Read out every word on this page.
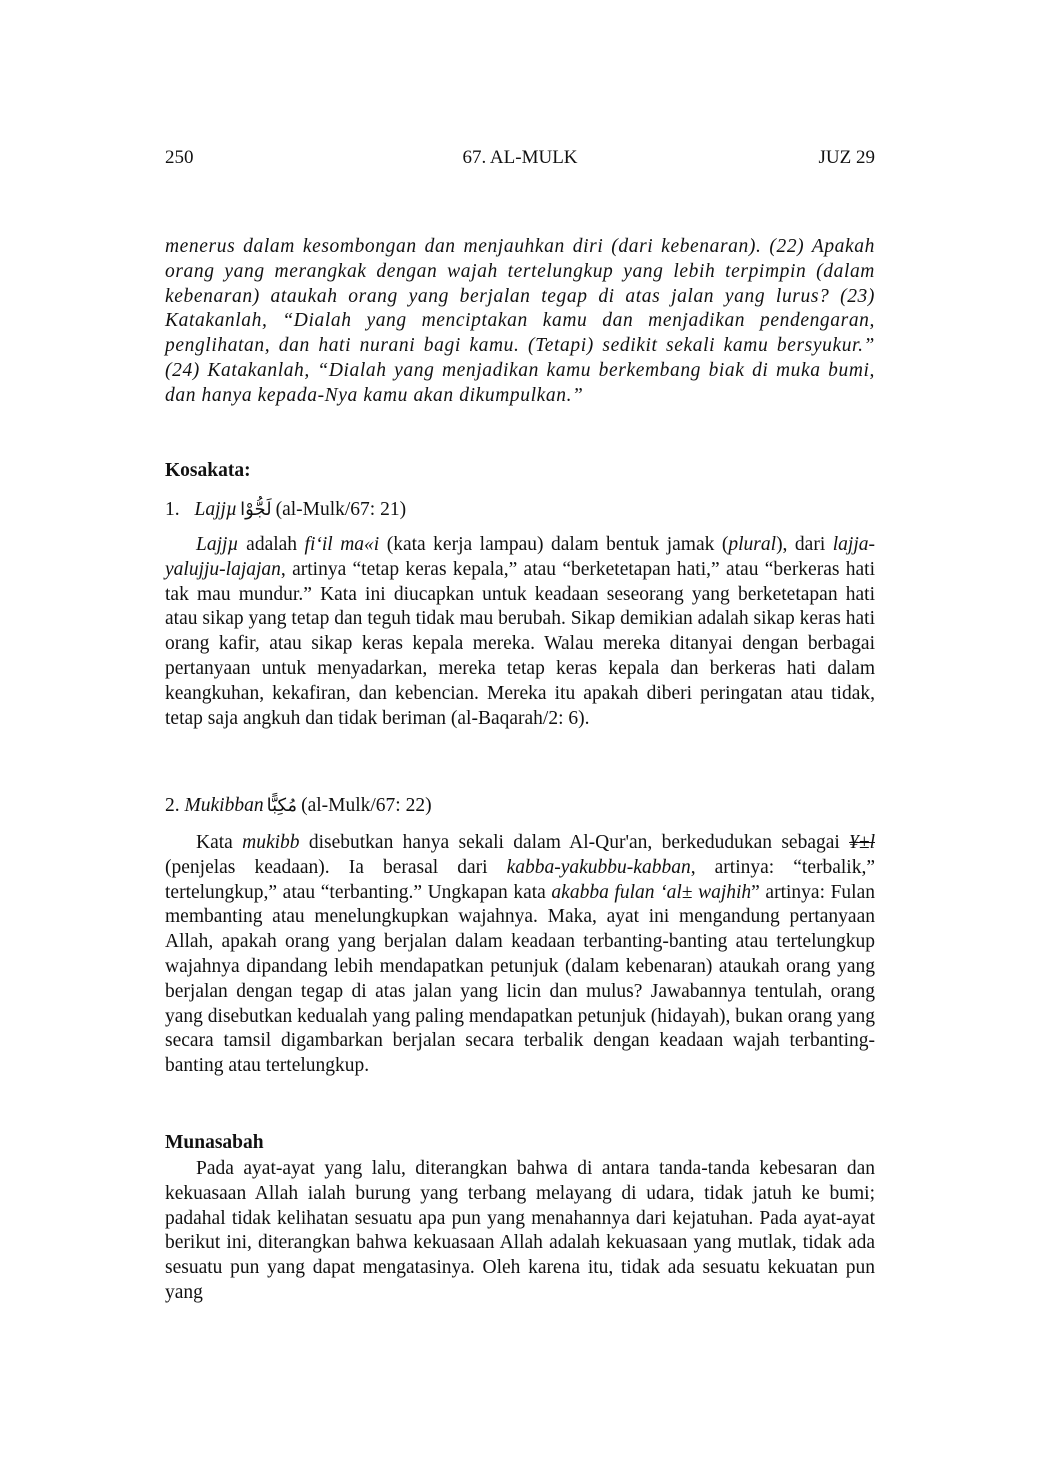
250	67. AL-MULK	JUZ 29
menerus dalam kesombongan dan menjauhkan diri (dari kebenaran). (22) Apakah orang yang merangkak dengan wajah tertelungkup yang lebih terpimpin (dalam kebenaran) ataukah orang yang berjalan tegap di atas jalan yang lurus? (23) Katakanlah, “Dialah yang menciptakan kamu dan menjadikan pendengaran, penglihatan, dan hati nurani bagi kamu. (Tetapi) sedikit sekali kamu bersyukur.” (24) Katakanlah, “Dialah yang menjadikan kamu berkembang biak di muka bumi, dan hanya kepada-Nya kamu akan dikumpulkan.”
Kosakata:
1. Lajjµ لَجُّوْا (al-Mulk/67: 21)
Lajjµ adalah fi‘il ma«i (kata kerja lampau) dalam bentuk jamak (plural), dari lajja-yalujju-lajajan, artinya “tetap keras kepala,” atau “berketetapan hati,” atau “berkeras hati tak mau mundur.” Kata ini diucapkan untuk keadaan seseorang yang berketetapan hati atau sikap yang tetap dan teguh tidak mau berubah. Sikap demikian adalah sikap keras hati orang kafir, atau sikap keras kepala mereka. Walau mereka ditanyai dengan berbagai pertanyaan untuk menyadarkan, mereka tetap keras kepala dan berkeras hati dalam keangkuhan, kekafiran, dan kebencian. Mereka itu apakah diberi peringatan atau tidak, tetap saja angkuh dan tidak beriman (al-Baqarah/2: 6).
2. Mukibban مُكِبًّا (al-Mulk/67: 22)
Kata mukibb disebutkan hanya sekali dalam Al-Qur'an, berkedudukan sebagai ¥±l (penjelas keadaan). Ia berasal dari kabba-yakubbu-kabban, artinya: “terbalik,” tertelungkup,” atau “terbanting.” Ungkapan kata akabba fulan ‘al± wajhih” artinya: Fulan membanting atau menelungkupkan wajahnya. Maka, ayat ini mengandung pertanyaan Allah, apakah orang yang berjalan dalam keadaan terbanting-banting atau tertelungkup wajahnya dipandang lebih mendapatkan petunjuk (dalam kebenaran) ataukah orang yang berjalan dengan tegap di atas jalan yang licin dan mulus? Jawabannya tentulah, orang yang disebutkan kedualah yang paling mendapatkan petunjuk (hidayah), bukan orang yang secara tamsil digambarkan berjalan secara terbalik dengan keadaan wajah terbanting-banting atau tertelungkup.
Munasabah
Pada ayat-ayat yang lalu, diterangkan bahwa di antara tanda-tanda kebesaran dan kekuasaan Allah ialah burung yang terbang melayang di udara, tidak jatuh ke bumi; padahal tidak kelihatan sesuatu apa pun yang menahannya dari kejatuhan. Pada ayat-ayat berikut ini, diterangkan bahwa kekuasaan Allah adalah kekuasaan yang mutlak, tidak ada sesuatu pun yang dapat mengatasinya. Oleh karena itu, tidak ada sesuatu kekuatan pun yang
